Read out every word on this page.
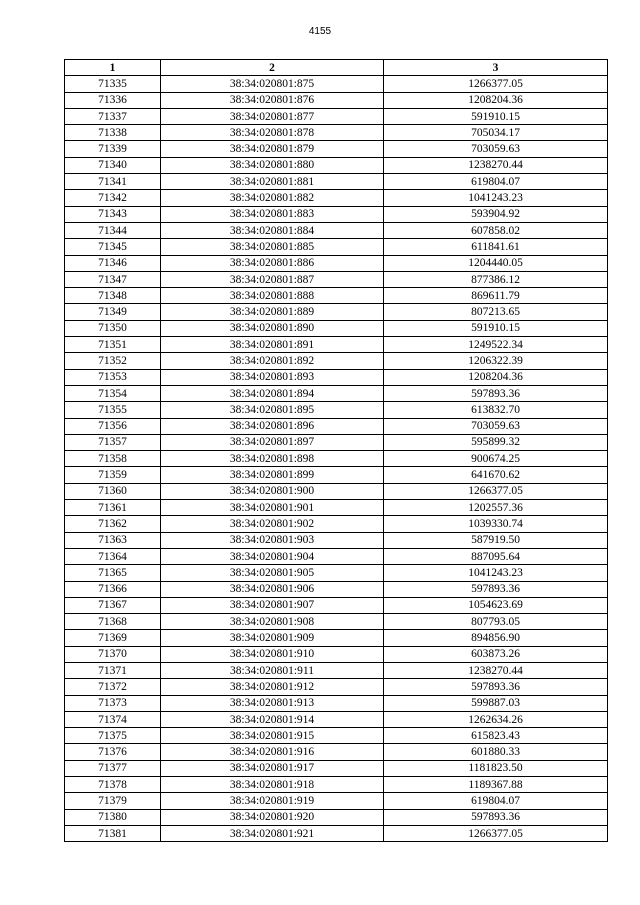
4155
1	2	3
71335	38:34:020801:875	1266377.05
71336	38:34:020801:876	1208204.36
71337	38:34:020801:877	591910.15
71338	38:34:020801:878	705034.17
71339	38:34:020801:879	703059.63
71340	38:34:020801:880	1238270.44
71341	38:34:020801:881	619804.07
71342	38:34:020801:882	1041243.23
71343	38:34:020801:883	593904.92
71344	38:34:020801:884	607858.02
71345	38:34:020801:885	611841.61
71346	38:34:020801:886	1204440.05
71347	38:34:020801:887	877386.12
71348	38:34:020801:888	869611.79
71349	38:34:020801:889	807213.65
71350	38:34:020801:890	591910.15
71351	38:34:020801:891	1249522.34
71352	38:34:020801:892	1206322.39
71353	38:34:020801:893	1208204.36
71354	38:34:020801:894	597893.36
71355	38:34:020801:895	613832.70
71356	38:34:020801:896	703059.63
71357	38:34:020801:897	595899.32
71358	38:34:020801:898	900674.25
71359	38:34:020801:899	641670.62
71360	38:34:020801:900	1266377.05
71361	38:34:020801:901	1202557.36
71362	38:34:020801:902	1039330.74
71363	38:34:020801:903	587919.50
71364	38:34:020801:904	887095.64
71365	38:34:020801:905	1041243.23
71366	38:34:020801:906	597893.36
71367	38:34:020801:907	1054623.69
71368	38:34:020801:908	807793.05
71369	38:34:020801:909	894856.90
71370	38:34:020801:910	603873.26
71371	38:34:020801:911	1238270.44
71372	38:34:020801:912	597893.36
71373	38:34:020801:913	599887.03
71374	38:34:020801:914	1262634.26
71375	38:34:020801:915	615823.43
71376	38:34:020801:916	601880.33
71377	38:34:020801:917	1181823.50
71378	38:34:020801:918	1189367.88
71379	38:34:020801:919	619804.07
71380	38:34:020801:920	597893.36
71381	38:34:020801:921	1266377.05
